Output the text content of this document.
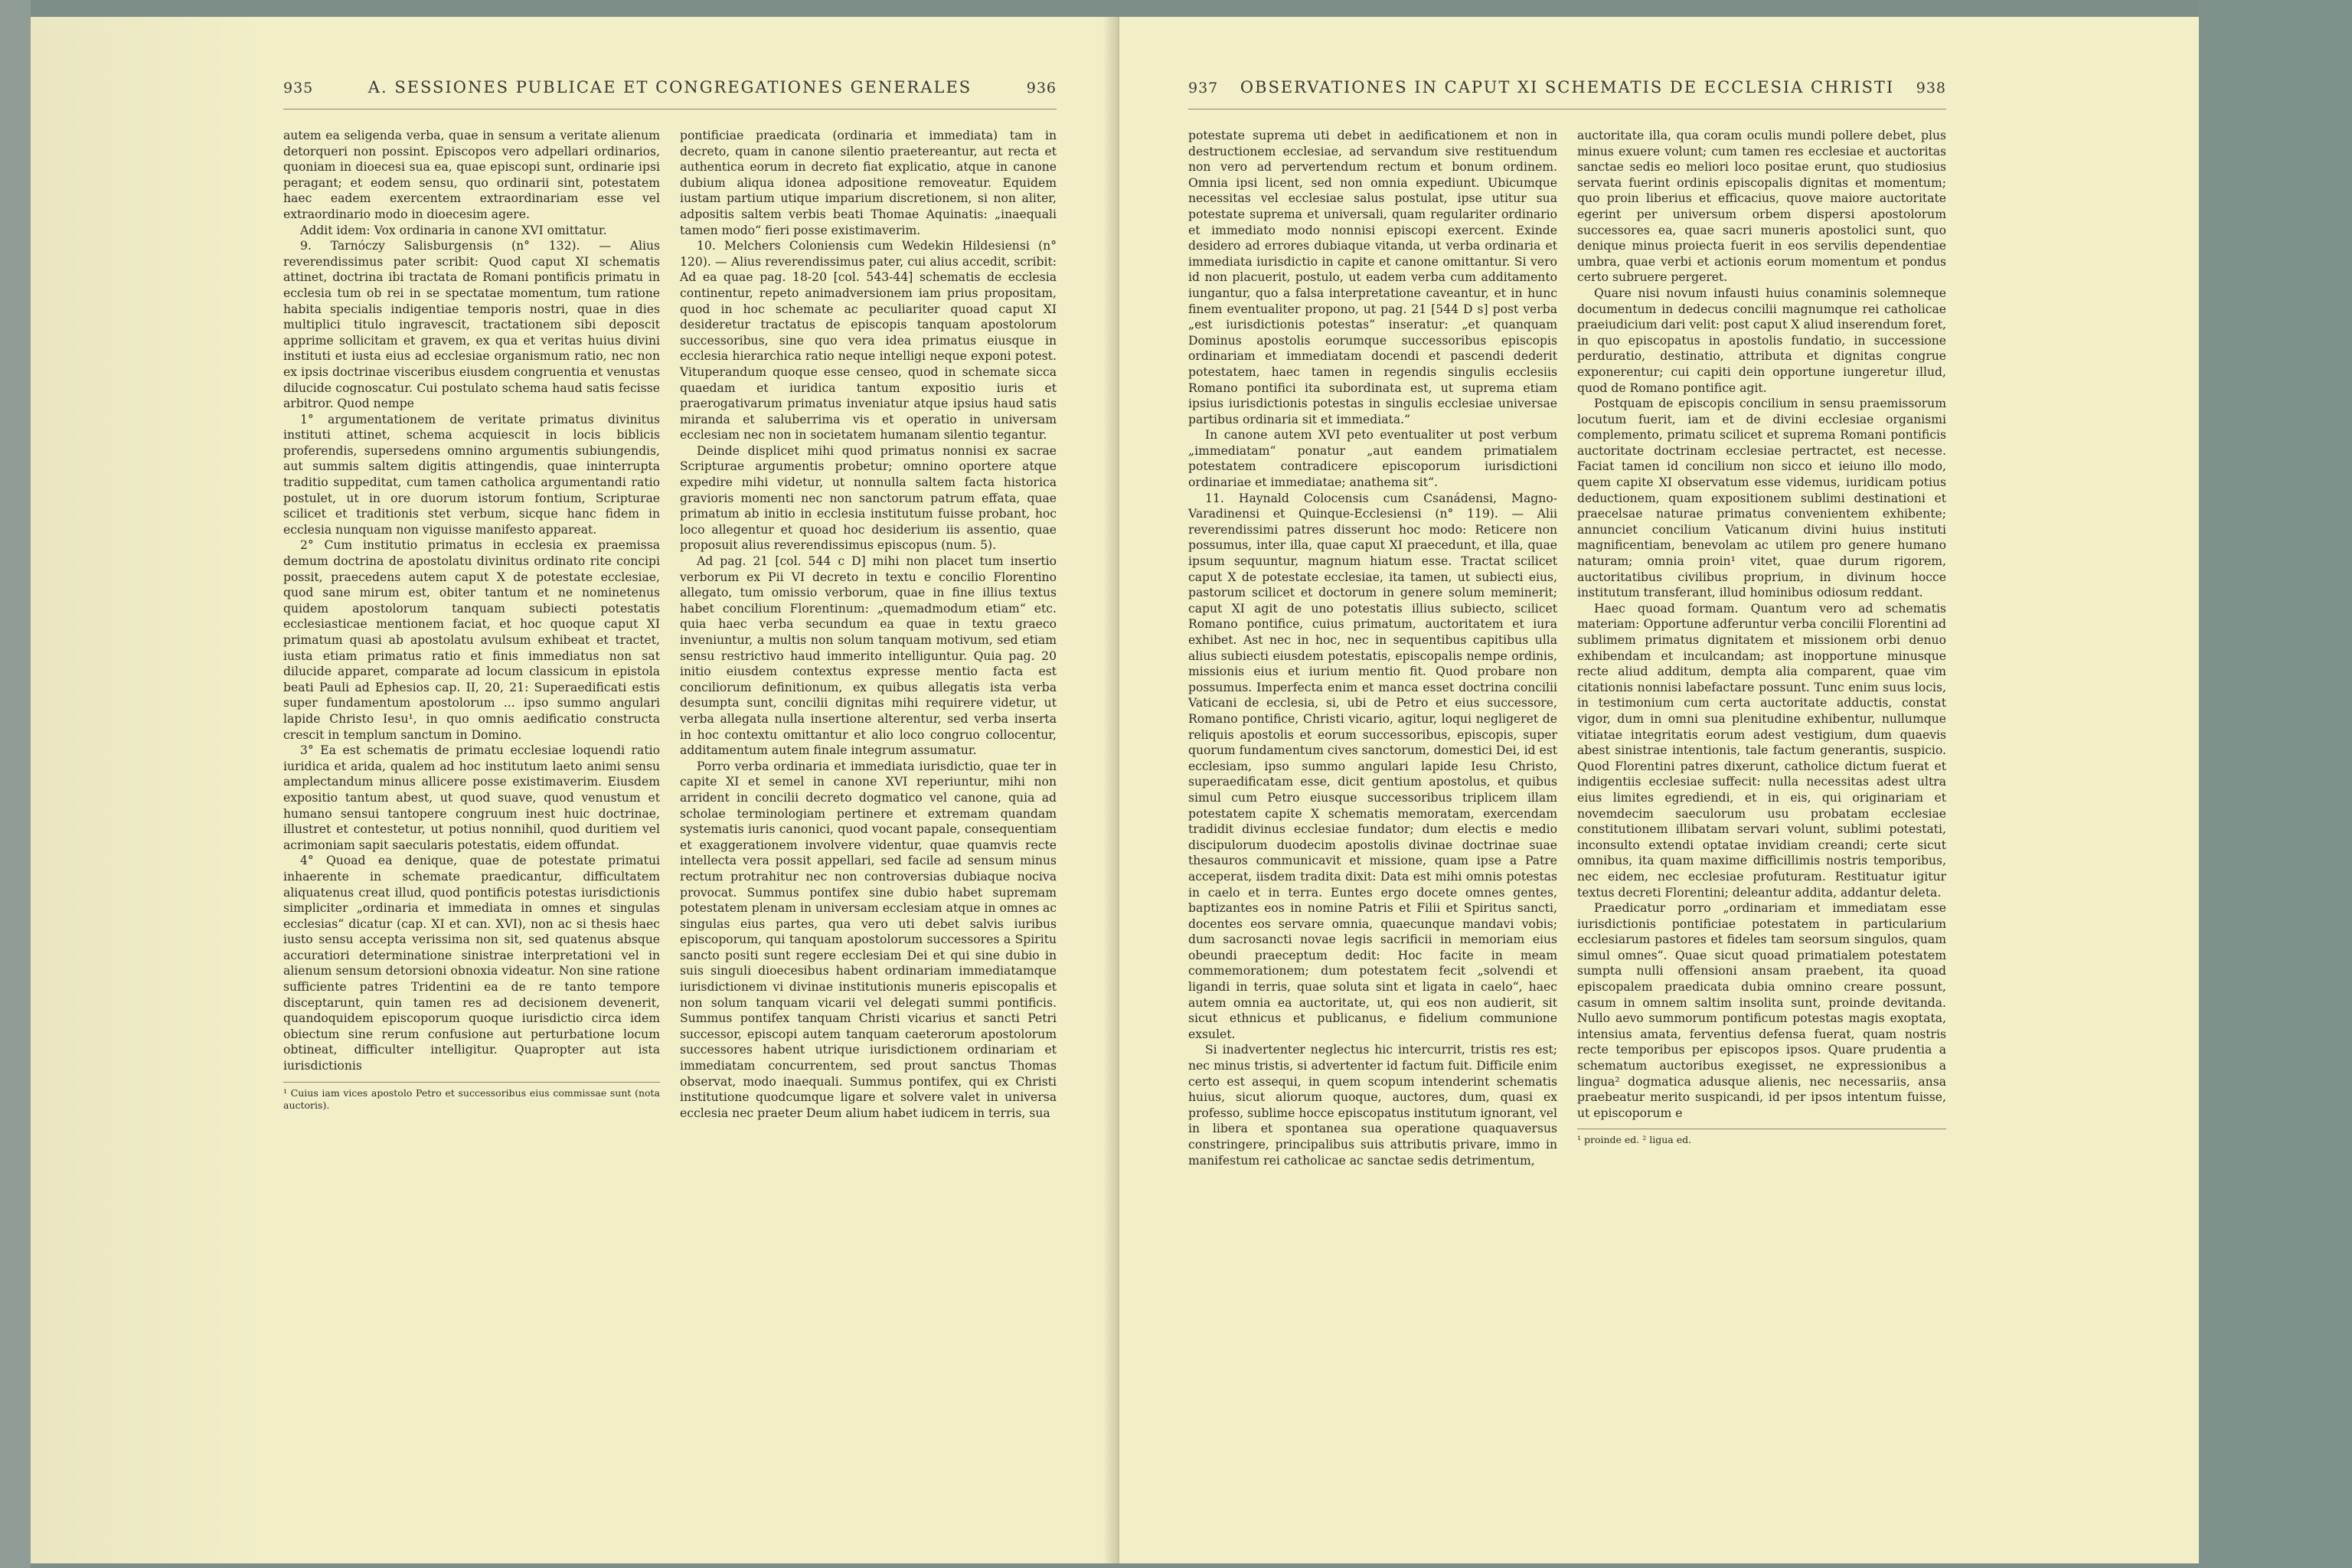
935	A. SESSIONES PUBLICAE ET CONGREGATIONES GENERALES	936

autem ea seligenda verba, quae in sensum a veritate alienum detorqueri non possint. Episcopos vero adpellari ordinarios, quoniam in dioecesi sua ea, quae episcopi sunt, ordinarie ipsi peragant; et eodem sensu, quo ordinarii sint, potestatem haec eadem exercentem extraordinariam esse vel extraordinario modo in dioecesim agere.

Addit idem: Vox ordinaria in canone XVI omittatur.

9. Tarnóczy Salisburgensis (n° 132). — Alius reverendissimus pater scribit: Quod caput XI schematis attinet, doctrina ibi tractata de Romani pontificis primatu in ecclesia tum ob rei in se spectatae momentum, tum ratione habita specialis indigentiae temporis nostri, quae in dies multiplici titulo ingravescit, tractationem sibi deposcit apprime sollicitam et gravem, ex qua et veritas huius divini instituti et iusta eius ad ecclesiae organismum ratio, nec non ex ipsis doctrinae visceribus eiusdem congruentia et venustas dilucide cognoscatur. Cui postulato schema haud satis fecisse arbitror. Quod nempe

1° argumentationem de veritate primatus divinitus instituti attinet, schema acquiescit in locis biblicis proferendis, supersedens omnino argumentis subiungendis, aut summis saltem digitis attingendis, quae ininterrupta traditio suppeditat, cum tamen catholica argumentandi ratio postulet, ut in ore duorum istorum fontium, Scripturae scilicet et traditionis stet verbum, sicque hanc fidem in ecclesia nunquam non viguisse manifesto appareat.

2° Cum institutio primatus in ecclesia ex praemissa demum doctrina de apostolatu divinitus ordinato rite concipi possit, praecedens autem caput X de potestate ecclesiae, quod sane mirum est, obiter tantum et ne nominetenus quidem apostolorum tanquam subiecti potestatis ecclesiasticae mentionem faciat, et hoc quoque caput XI primatum quasi ab apostolatu avulsum exhibeat et tractet, iusta etiam primatus ratio et finis immediatus non sat dilucide apparet, comparate ad locum classicum in epistola beati Pauli ad Ephesios cap. II, 20, 21: Superaedificati estis super fundamentum apostolorum ... ipso summo angulari lapide Christo Iesu¹, in quo omnis aedificatio constructa crescit in templum sanctum in Domino.

3° Ea est schematis de primatu ecclesiae loquendi ratio iuridica et arida, qualem ad hoc institutum laeto animi sensu amplectandum minus allicere posse existimaverim. Eiusdem expositio tantum abest, ut quod suave, quod venustum et humano sensui tantopere congruum inest huic doctrinae, illustret et contestetur, ut potius nonnihil, quod duritiem vel acrimoniam sapit saecularis potestatis, eidem offundat.

4° Quoad ea denique, quae de potestate primatui inhaerente in schemate praedicantur, difficultatem aliquatenus creat illud, quod pontificis potestas iurisdictionis simpliciter „ordinaria et immediata in omnes et singulas ecclesias“ dicatur (cap. XI et can. XVI), non ac si thesis haec iusto sensu accepta verissima non sit, sed quatenus absque accuratiori determinatione sinistrae interpretationi vel in alienum sensum detorsioni obnoxia videatur. Non sine ratione sufficiente patres Tridentini ea de re tanto tempore disceptarunt, quin tamen res ad decisionem devenerit, quandoquidem episcoporum quoque iurisdictio circa idem obiectum sine rerum confusione aut perturbatione locum obtineat, difficulter intelligitur. Quapropter aut ista iurisdictionis

¹ Cuius iam vices apostolo Petro et successoribus eius commissae sunt (nota auctoris).

pontificiae praedicata (ordinaria et immediata) tam in decreto, quam in canone silentio praetereantur, aut recta et authentica eorum in decreto fiat explicatio, atque in canone dubium aliqua idonea adpositione removeatur. Equidem iustam partium utique imparium discretionem, si non aliter, adpositis saltem verbis beati Thomae Aquinatis: „inaequali tamen modo“ fieri posse existimaverim.

10. Melchers Coloniensis cum Wedekin Hildesiensi (n° 120). — Alius reverendissimus pater, cui alius accedit, scribit: Ad ea quae pag. 18-20 [col. 543-44] schematis de ecclesia continentur, repeto animadversionem iam prius propositam, quod in hoc schemate ac peculiariter quoad caput XI desideretur tractatus de episcopis tanquam apostolorum successoribus, sine quo vera idea primatus eiusque in ecclesia hierarchica ratio neque intelligi neque exponi potest. Vituperandum quoque esse censeo, quod in schemate sicca quaedam et iuridica tantum expositio iuris et praerogativarum primatus inveniatur atque ipsius haud satis miranda et saluberrima vis et operatio in universam ecclesiam nec non in societatem humanam silentio tegantur.

Deinde displicet mihi quod primatus nonnisi ex sacrae Scripturae argumentis probetur; omnino oportere atque expedire mihi videtur, ut nonnulla saltem facta historica gravioris momenti nec non sanctorum patrum effata, quae primatum ab initio in ecclesia institutum fuisse probant, hoc loco allegentur et quoad hoc desiderium iis assentio, quae proposuit alius reverendissimus episcopus (num. 5).

Ad pag. 21 [col. 544 c D] mihi non placet tum insertio verborum ex Pii VI decreto in textu e concilio Florentino allegato, tum omissio verborum, quae in fine illius textus habet concilium Florentinum: „quemadmodum etiam“ etc. quia haec verba secundum ea quae in textu graeco inveniuntur, a multis non solum tanquam motivum, sed etiam sensu restrictivo haud immerito intelliguntur. Quia pag. 20 initio eiusdem contextus expresse mentio facta est conciliorum definitionum, ex quibus allegatis ista verba desumpta sunt, concilii dignitas mihi requirere videtur, ut verba allegata nulla insertione alterentur, sed verba inserta in hoc contextu omittantur et alio loco congruo collocentur, additamentum autem finale integrum assumatur.

Porro verba ordinaria et immediata iurisdictio, quae ter in capite XI et semel in canone XVI reperiuntur, mihi non arrident in concilii decreto dogmatico vel canone, quia ad scholae terminologiam pertinere et extremam quandam systematis iuris canonici, quod vocant papale, consequentiam et exaggerationem involvere videntur, quae quamvis recte intellecta vera possit appellari, sed facile ad sensum minus rectum protrahitur nec non controversias dubiaque nociva provocat. Summus pontifex sine dubio habet supremam potestatem plenam in universam ecclesiam atque in omnes ac singulas eius partes, qua vero uti debet salvis iuribus episcoporum, qui tanquam apostolorum successores a Spiritu sancto positi sunt regere ecclesiam Dei et qui sine dubio in suis singuli dioecesibus habent ordinariam immediatamque iurisdictionem vi divinae institutionis muneris episcopalis et non solum tanquam vicarii vel delegati summi pontificis. Summus pontifex tanquam Christi vicarius et sancti Petri successor, episcopi autem tanquam caeterorum apostolorum successores habent utrique iurisdictionem ordinariam et immediatam concurrentem, sed prout sanctus Thomas observat, modo inaequali. Summus pontifex, qui ex Christi institutione quodcumque ligare et solvere valet in universa ecclesia nec praeter Deum alium habet iudicem in terris, sua

937 OBSERVATIONES IN CAPUT XI SCHEMATIS DE ECCLESIA CHRISTI 938

potestate suprema uti debet in aedificationem et non in destructionem ecclesiae, ad servandum sive restituendum non vero ad pervertendum rectum et bonum ordinem. Omnia ipsi licent, sed non omnia expediunt. Ubicumque necessitas vel ecclesiae salus postulat, ipse utitur sua potestate suprema et universali, quam regulariter ordinario et immediato modo nonnisi episcopi exercent. Exinde desidero ad errores dubiaque vitanda, ut verba ordinaria et immediata iurisdictio in capite et canone omittantur. Si vero id non placuerit, postulo, ut eadem verba cum additamento iungantur, quo a falsa interpretatione caveantur, et in hunc finem eventualiter propono, ut pag. 21 [544 D s] post verba „est iurisdictionis potestas“ inseratur: „et quanquam Dominus apostolis eorumque successoribus episcopis ordinariam et immediatam docendi et pascendi dederit potestatem, haec tamen in regendis singulis ecclesiis Romano pontifici ita subordinata est, ut suprema etiam ipsius iurisdictionis potestas in singulis ecclesiae universae partibus ordinaria sit et immediata.“

In canone autem XVI peto eventualiter ut post verbum „immediatam“ ponatur „aut eandem primatialem potestatem contradicere episcoporum iurisdictioni ordinariae et immediatae; anathema sit“.

11. Haynald Colocensis cum Csanádensi, Magno-Varadinensi et Quinque-Ecclesiensi (n° 119). — Alii reverendissimi patres disserunt hoc modo: Reticere non possumus, inter illa, quae caput XI praecedunt, et illa, quae ipsum sequuntur, magnum hiatum esse. Tractat scilicet caput X de potestate ecclesiae, ita tamen, ut subiecti eius, pastorum scilicet et doctorum in genere solum meminerit; caput XI agit de uno potestatis illius subiecto, scilicet Romano pontifice, cuius primatum, auctoritatem et iura exhibet. Ast nec in hoc, nec in sequentibus capitibus ulla alius subiecti eiusdem potestatis, episcopalis nempe ordinis, missionis eius et iurium mentio fit. Quod probare non possumus. Imperfecta enim et manca esset doctrina concilii Vaticani de ecclesia, si, ubi de Petro et eius successore, Romano pontifice, Christi vicario, agitur, loqui negligeret de reliquis apostolis et eorum successoribus, episcopis, super quorum fundamentum cives sanctorum, domestici Dei, id est ecclesiam, ipso summo angulari lapide Iesu Christo, superaedificatam esse, dicit gentium apostolus, et quibus simul cum Petro eiusque successoribus triplicem illam potestatem capite X schematis memoratam, exercendam tradidit divinus ecclesiae fundator; dum electis e medio discipulorum duodecim apostolis divinae doctrinae suae thesauros communicavit et missione, quam ipse a Patre acceperat, iisdem tradita dixit: Data est mihi omnis potestas in caelo et in terra. Euntes ergo docete omnes gentes, baptizantes eos in nomine Patris et Filii et Spiritus sancti, docentes eos servare omnia, quaecunque mandavi vobis; dum sacrosancti novae legis sacrificii in memoriam eius obeundi praeceptum dedit: Hoc facite in meam commemorationem; dum potestatem fecit „solvendi et ligandi in terris, quae soluta sint et ligata in caelo“, haec autem omnia ea auctoritate, ut, qui eos non audierit, sit sicut ethnicus et publicanus, e fidelium communione exsulet.

Si inadvertenter neglectus hic intercurrit, tristis res est; nec minus tristis, si advertenter id factum fuit. Difficile enim certo est assequi, in quem scopum intenderint schematis huius, sicut aliorum quoque, auctores, dum, quasi ex professo, sublime hocce episcopatus institutum ignorant, vel in libera et spontanea sua operatione quaquaversus constringere, principalibus suis attributis privare, immo in manifestum rei catholicae ac sanctae sedis detrimentum,

auctoritate illa, qua coram oculis mundi pollere debet, plus minus exuere volunt; cum tamen res ecclesiae et auctoritas sanctae sedis eo meliori loco positae erunt, quo studiosius servata fuerint ordinis episcopalis dignitas et momentum; quo proin liberius et efficacius, quove maiore auctoritate egerint per universum orbem dispersi apostolorum successores ea, quae sacri muneris apostolici sunt, quo denique minus proiecta fuerit in eos servilis dependentiae umbra, quae verbi et actionis eorum momentum et pondus certo subruere pergeret.

Quare nisi novum infausti huius conaminis solemneque documentum in dedecus concilii magnumque rei catholicae praeiudicium dari velit: post caput X aliud inserendum foret, in quo episcopatus in apostolis fundatio, in successione perduratio, destinatio, attributa et dignitas congrue exponerentur; cui capiti dein opportune iungeretur illud, quod de Romano pontifice agit.

Postquam de episcopis concilium in sensu praemissorum locutum fuerit, iam et de divini ecclesiae organismi complemento, primatu scilicet et suprema Romani pontificis auctoritate doctrinam ecclesiae pertractet, est necesse. Faciat tamen id concilium non sicco et ieiuno illo modo, quem capite XI observatum esse videmus, iuridicam potius deductionem, quam expositionem sublimi destinationi et praecelsae naturae primatus convenientem exhibente; annunciet concilium Vaticanum divini huius instituti magnificentiam, benevolam ac utilem pro genere humano naturam; omnia proin¹ vitet, quae durum rigorem, auctoritatibus civilibus proprium, in divinum hocce institutum transferant, illud hominibus odiosum reddant.

Haec quoad formam. Quantum vero ad schematis materiam: Opportune adferuntur verba concilii Florentini ad sublimem primatus dignitatem et missionem orbi denuo exhibendam et inculcandam; ast inopportune minusque recte aliud additum, dempta alia comparent, quae vim citationis nonnisi labefactare possunt. Tunc enim suus locis, in testimonium cum certa auctoritate adductis, constat vigor, dum in omni sua plenitudine exhibentur, nullumque vitiatae integritatis eorum adest vestigium, dum quaevis abest sinistrae intentionis, tale factum generantis, suspicio. Quod Florentini patres dixerunt, catholice dictum fuerat et indigentiis ecclesiae suffecit: nulla necessitas adest ultra eius limites egrediendi, et in eis, qui originariam et novemdecim saeculorum usu probatam ecclesiae constitutionem illibatam servari volunt, sublimi potestati, inconsulto extendi optatae invidiam creandi; certe sicut omnibus, ita quam maxime difficillimis nostris temporibus, nec eidem, nec ecclesiae profuturam. Restituatur igitur textus decreti Florentini; deleantur addita, addantur deleta.

Praedicatur porro „ordinariam et immediatam esse iurisdictionis pontificiae potestatem in particularium ecclesiarum pastores et fideles tam seorsum singulos, quam simul omnes“. Quae sicut quoad primatialem potestatem sumpta nulli offensioni ansam praebent, ita quoad episcopalem praedicata dubia omnino creare possunt, casum in omnem saltim insolita sunt, proinde devitanda. Nullo aevo summorum pontificum potestas magis exoptata, intensius amata, ferventius defensa fuerat, quam nostris recte temporibus per episcopos ipsos. Quare prudentia a schematum auctoribus exegisset, ne expressionibus a lingua² dogmatica adusque alienis, nec necessariis, ansa praebeatur merito suspicandi, id per ipsos intentum fuisse, ut episcoporum e

¹ proinde ed. ² ligua ed.
